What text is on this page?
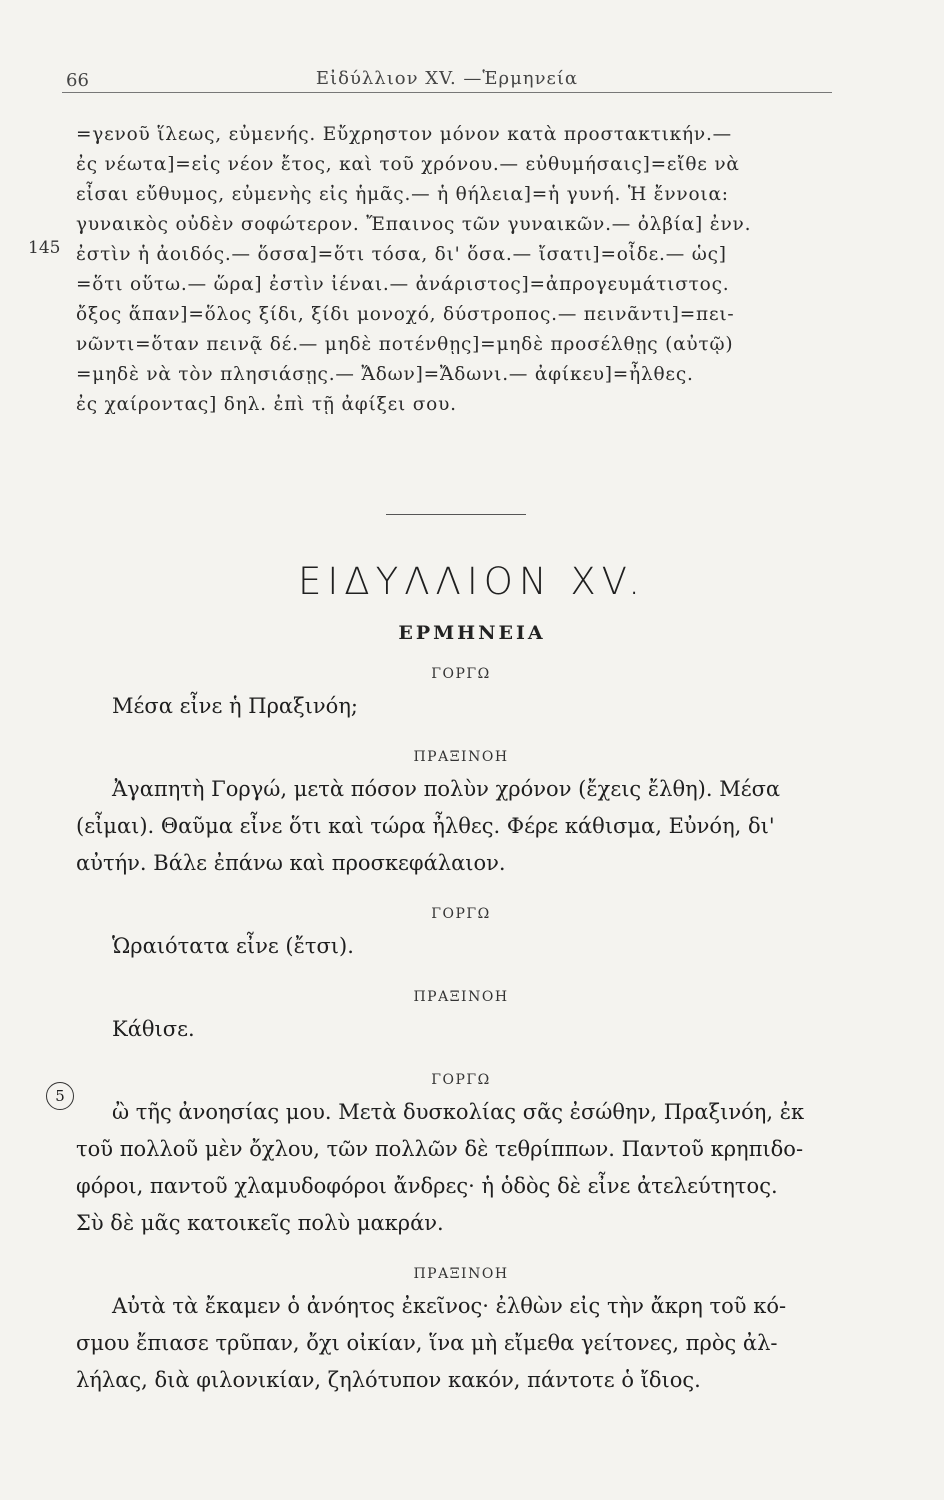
66	Εἰδύλλιον XV. —Ἑρμηνεία
145
=γενοῦ ἵλεως, εὐμενής. Εὔχρηστον μόνον κατὰ προστακτικήν.—
ἐς νέωτα]=εἰς νέον ἔτος, καὶ τοῦ χρόνου.— εὐθυμήσαις]=εἴθε νὰ
εἶσαι εὔθυμος, εὐμενὴς εἰς ἡμᾶς.— ἡ θήλεια]=ἡ γυνή. Ἡ ἔννοια:
γυναικὸς οὐδὲν σοφώτερον. Ἔπαινος τῶν γυναικῶν.— ὀλβία] ἐνν.
ἐστὶν ἡ ἀοιδός.— ὅσσα]=ὅτι τόσα, δι' ὅσα.— ἴσατι]=οἶδε.— ὡς]
=ὅτι οὕτω.— ὥρα] ἐστὶν ἰέναι.— ἀνάριστος]=ἀπρογευμάτιστος.
ὄξος ἅπαν]=ὅλος ξίδι, ξίδι μονοχό, δύστροπος.— πεινᾶντι]=πει-
νῶντι=ὅταν πεινᾷ δέ.— μηδὲ ποτένθῃς]=μηδὲ προσέλθῃς (αὐτῷ)
=μηδὲ νὰ τὸν πλησιάσῃς.— Ἄδων]=Ἄδωνι.— ἀφίκευ]=ἦλθες.
ἐς χαίροντας] δηλ. ἐπὶ τῇ ἀφίξει σου.
ΕΙΔΥΛΛΙΟΝ XV.
ΕΡΜΗΝΕΙΑ
5
ΓΟΡΓΩ
Μέσα εἶνε ἡ Πραξινόη;
ΠΡΑΞΙΝΟΗ
Ἀγαπητὴ Γοργώ, μετὰ πόσον πολὺν χρόνον (ἔχεις ἔλθη). Μέσα
(εἶμαι). Θαῦμα εἶνε ὅτι καὶ τώρα ἦλθες. Φέρε κάθισμα, Εὐνόη, δι'
αὐτήν. Βάλε ἐπάνω καὶ προσκεφάλαιον.
ΓΟΡΓΩ
Ὡραιότατα εἶνε (ἔτσι).
ΠΡΑΞΙΝΟΗ
Κάθισε.
ΓΟΡΓΩ
ὢ τῆς ἀνοησίας μου. Μετὰ δυσκολίας σᾶς ἐσώθην, Πραξινόη, ἐκ
τοῦ πολλοῦ μὲν ὄχλου, τῶν πολλῶν δὲ τεθρίππων. Παντοῦ κρηπιδο-
φόροι, παντοῦ χλαμυδοφόροι ἄνδρες· ἡ ὁδὸς δὲ εἶνε ἀτελεύτητος.
Σὺ δὲ μᾶς κατοικεῖς πολὺ μακράν.
ΠΡΑΞΙΝΟΗ
Αὐτὰ τὰ ἔκαμεν ὁ ἀνόητος ἐκεῖνος· ἐλθὼν εἰς τὴν ἄκρη τοῦ κό-
σμου ἔπιασε τρῦπαν, ὄχι οἰκίαν, ἵνα μὴ εἴμεθα γείτονες, πρὸς ἀλ-
λήλας, διὰ φιλονικίαν, ζηλότυπον κακόν, πάντοτε ὁ ἴδιος.
